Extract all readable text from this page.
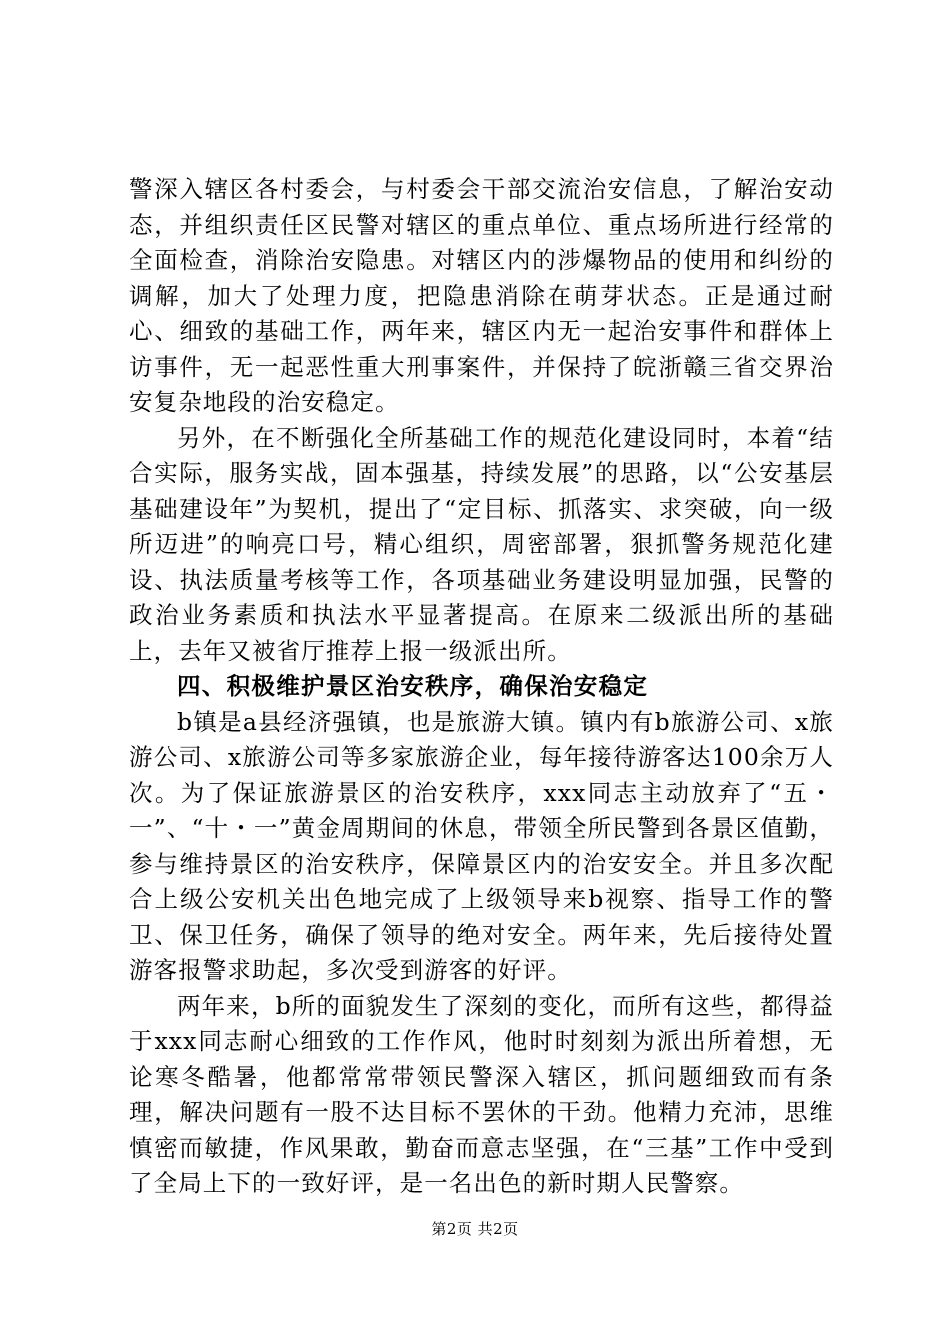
警深入辖区各村委会，与村委会干部交流治安信息，了解治安动态，并组织责任区民警对辖区的重点单位、重点场所进行经常的全面检查，消除治安隐患。对辖区内的涉爆物品的使用和纠纷的调解，加大了处理力度，把隐患消除在萌芽状态。正是通过耐心、细致的基础工作，两年来，辖区内无一起治安事件和群体上访事件，无一起恶性重大刑事案件，并保持了皖浙赣三省交界治安复杂地段的治安稳定。

另外，在不断强化全所基础工作的规范化建设同时，本着“结合实际，服务实战，固本强基，持续发展”的思路，以“公安基层基础建设年”为契机，提出了“定目标、抓落实、求突破，向一级所迈进”的响亮口号，精心组织，周密部署，狠抓警务规范化建设、执法质量考核等工作，各项基础业务建设明显加强，民警的政治业务素质和执法水平显著提高。在原来二级派出所的基础上，去年又被省厅推荐上报一级派出所。

四、积极维护景区治安秩序，确保治安稳定

b镇是a县经济强镇，也是旅游大镇。镇内有b旅游公司、x旅游公司、x旅游公司等多家旅游企业，每年接待游客达100余万人次。为了保证旅游景区的治安秩序，xxx同志主动放弃了“五・一”、“十・一”黄金周期间的休息，带领全所民警到各景区值勤，参与维持景区的治安秩序，保障景区内的治安安全。并且多次配合上级公安机关出色地完成了上级领导来b视察、指导工作的警卫、保卫任务，确保了领导的绝对安全。两年来，先后接待处置游客报警求助起，多次受到游客的好评。

两年来，b所的面貌发生了深刻的变化，而所有这些，都得益于xxx同志耐心细致的工作作风，他时时刻刻为派出所着想，无论寒冬酷暑，他都常常带领民警深入辖区，抓问题细致而有条理，解决问题有一股不达目标不罢休的干劲。他精力充沛，思维慎密而敏捷，作风果敢，勤奋而意志坚强，在“三基”工作中受到了全局上下的一致好评，是一名出色的新时期人民警察。

第2页 共2页
